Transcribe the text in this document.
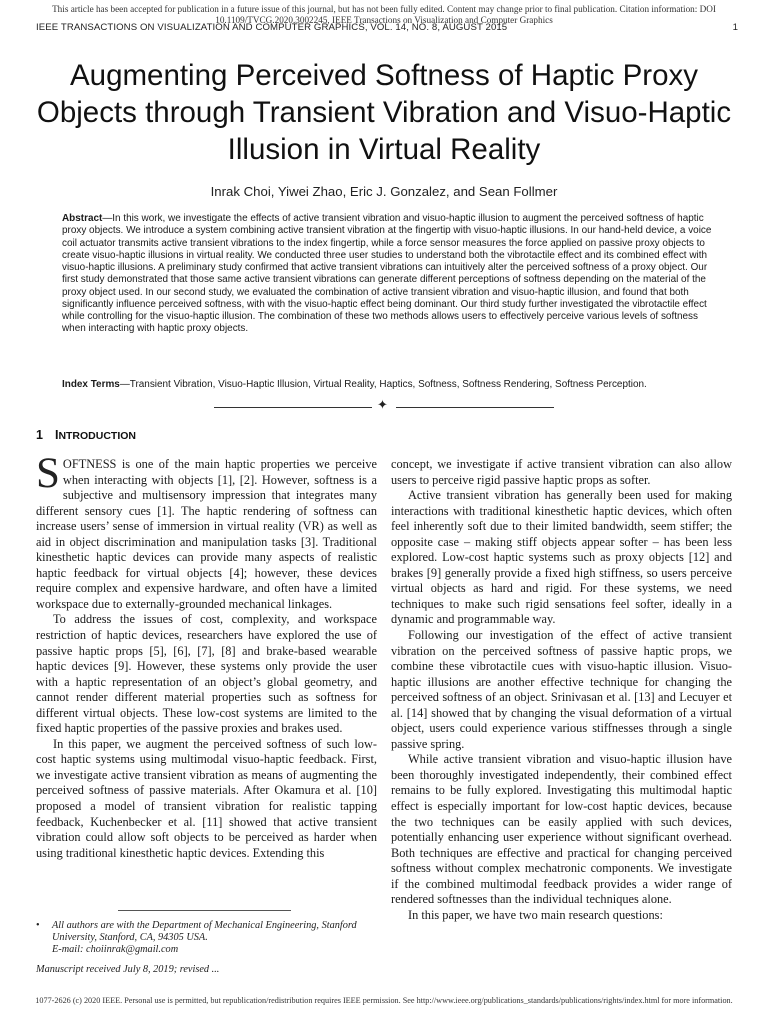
This article has been accepted for publication in a future issue of this journal, but has not been fully edited. Content may change prior to final publication. Citation information: DOI 10.1109/TVCG.2020.3002245, IEEE Transactions on Visualization and Computer Graphics
IEEE TRANSACTIONS ON VISUALIZATION AND COMPUTER GRAPHICS, VOL. 14, NO. 8, AUGUST 2015	1
Augmenting Perceived Softness of Haptic Proxy Objects through Transient Vibration and Visuo-Haptic Illusion in Virtual Reality
Inrak Choi, Yiwei Zhao, Eric J. Gonzalez, and Sean Follmer

Abstract—In this work, we investigate the effects of active transient vibration and visuo-haptic illusion to augment the perceived softness of haptic proxy objects. We introduce a system combining active transient vibration at the fingertip with visuo-haptic illusions. In our hand-held device, a voice coil actuator transmits active transient vibrations to the index fingertip, while a force sensor measures the force applied on passive proxy objects to create visuo-haptic illusions in virtual reality. We conducted three user studies to understand both the vibrotactile effect and its combined effect with visuo-haptic illusions. A preliminary study confirmed that active transient vibrations can intuitively alter the perceived softness of a proxy object. Our first study demonstrated that those same active transient vibrations can generate different perceptions of softness depending on the material of the proxy object used. In our second study, we evaluated the combination of active transient vibration and visuo-haptic illusion, and found that both significantly influence perceived softness, with with the visuo-haptic effect being dominant. Our third study further investigated the vibrotactile effect while controlling for the visuo-haptic illusion. The combination of these two methods allows users to effectively perceive various levels of softness when interacting with haptic proxy objects.

Index Terms—Transient Vibration, Visuo-Haptic Illusion, Virtual Reality, Haptics, Softness, Softness Rendering, Softness Perception.

✦
1 INTRODUCTION

SOFTNESS is one of the main haptic properties we perceive when interacting with objects [1], [2]. However, softness is a subjective and multisensory impression that integrates many different sensory cues [1]. The haptic rendering of softness can increase users’ sense of immersion in virtual reality (VR) as well as aid in object discrimination and manipulation tasks [3]. Traditional kinesthetic haptic devices can provide many aspects of realistic haptic feedback for virtual objects [4]; however, these devices require complex and expensive hardware, and often have a limited workspace due to externally-grounded mechanical linkages.

To address the issues of cost, complexity, and workspace restriction of haptic devices, researchers have explored the use of passive haptic props [5], [6], [7], [8] and brake-based wearable haptic devices [9]. However, these systems only provide the user with a haptic representation of an object’s global geometry, and cannot render different material properties such as softness for different virtual objects. These low-cost systems are limited to the fixed haptic properties of the passive proxies and brakes used.

In this paper, we augment the perceived softness of such low-cost haptic systems using multimodal visuo-haptic feedback. First, we investigate active transient vibration as means of augmenting the perceived softness of passive materials. After Okamura et al. [10] proposed a model of transient vibration for realistic tapping feedback, Kuchenbecker et al. [11] showed that active transient vibration could allow soft objects to be perceived as harder when using traditional kinesthetic haptic devices. Extending this

concept, we investigate if active transient vibration can also allow users to perceive rigid passive haptic props as softer.

Active transient vibration has generally been used for making interactions with traditional kinesthetic haptic devices, which often feel inherently soft due to their limited bandwidth, seem stiffer; the opposite case – making stiff objects appear softer – has been less explored. Low-cost haptic systems such as proxy objects [12] and brakes [9] generally provide a fixed high stiffness, so users perceive virtual objects as hard and rigid. For these systems, we need techniques to make such rigid sensations feel softer, ideally in a dynamic and programmable way.

Following our investigation of the effect of active transient vibration on the perceived softness of passive haptic props, we combine these vibrotactile cues with visuo-haptic illusion. Visuo-haptic illusions are another effective technique for changing the perceived softness of an object. Srinivasan et al. [13] and Lecuyer et al. [14] showed that by changing the visual deformation of a virtual object, users could experience various stiffnesses through a single passive spring.

While active transient vibration and visuo-haptic illusion have been thoroughly investigated independently, their combined effect remains to be fully explored. Investigating this multimodal haptic effect is especially important for low-cost haptic devices, because the two techniques can be easily applied with such devices, potentially enhancing user experience without significant overhead. Both techniques are effective and practical for changing perceived softness without complex mechatronic components. We investigate if the combined multimodal feedback provides a wider range of rendered softnesses than the individual techniques alone.

In this paper, we have two main research questions:

• All authors are with the Department of Mechanical Engineering, Stanford University, Stanford, CA, 94305 USA.
E-mail: choiinrak@gmail.com
Manuscript received July 8, 2019; revised ...
1077-2626 (c) 2020 IEEE. Personal use is permitted, but republication/redistribution requires IEEE permission. See http://www.ieee.org/publications_standards/publications/rights/index.html for more information.
